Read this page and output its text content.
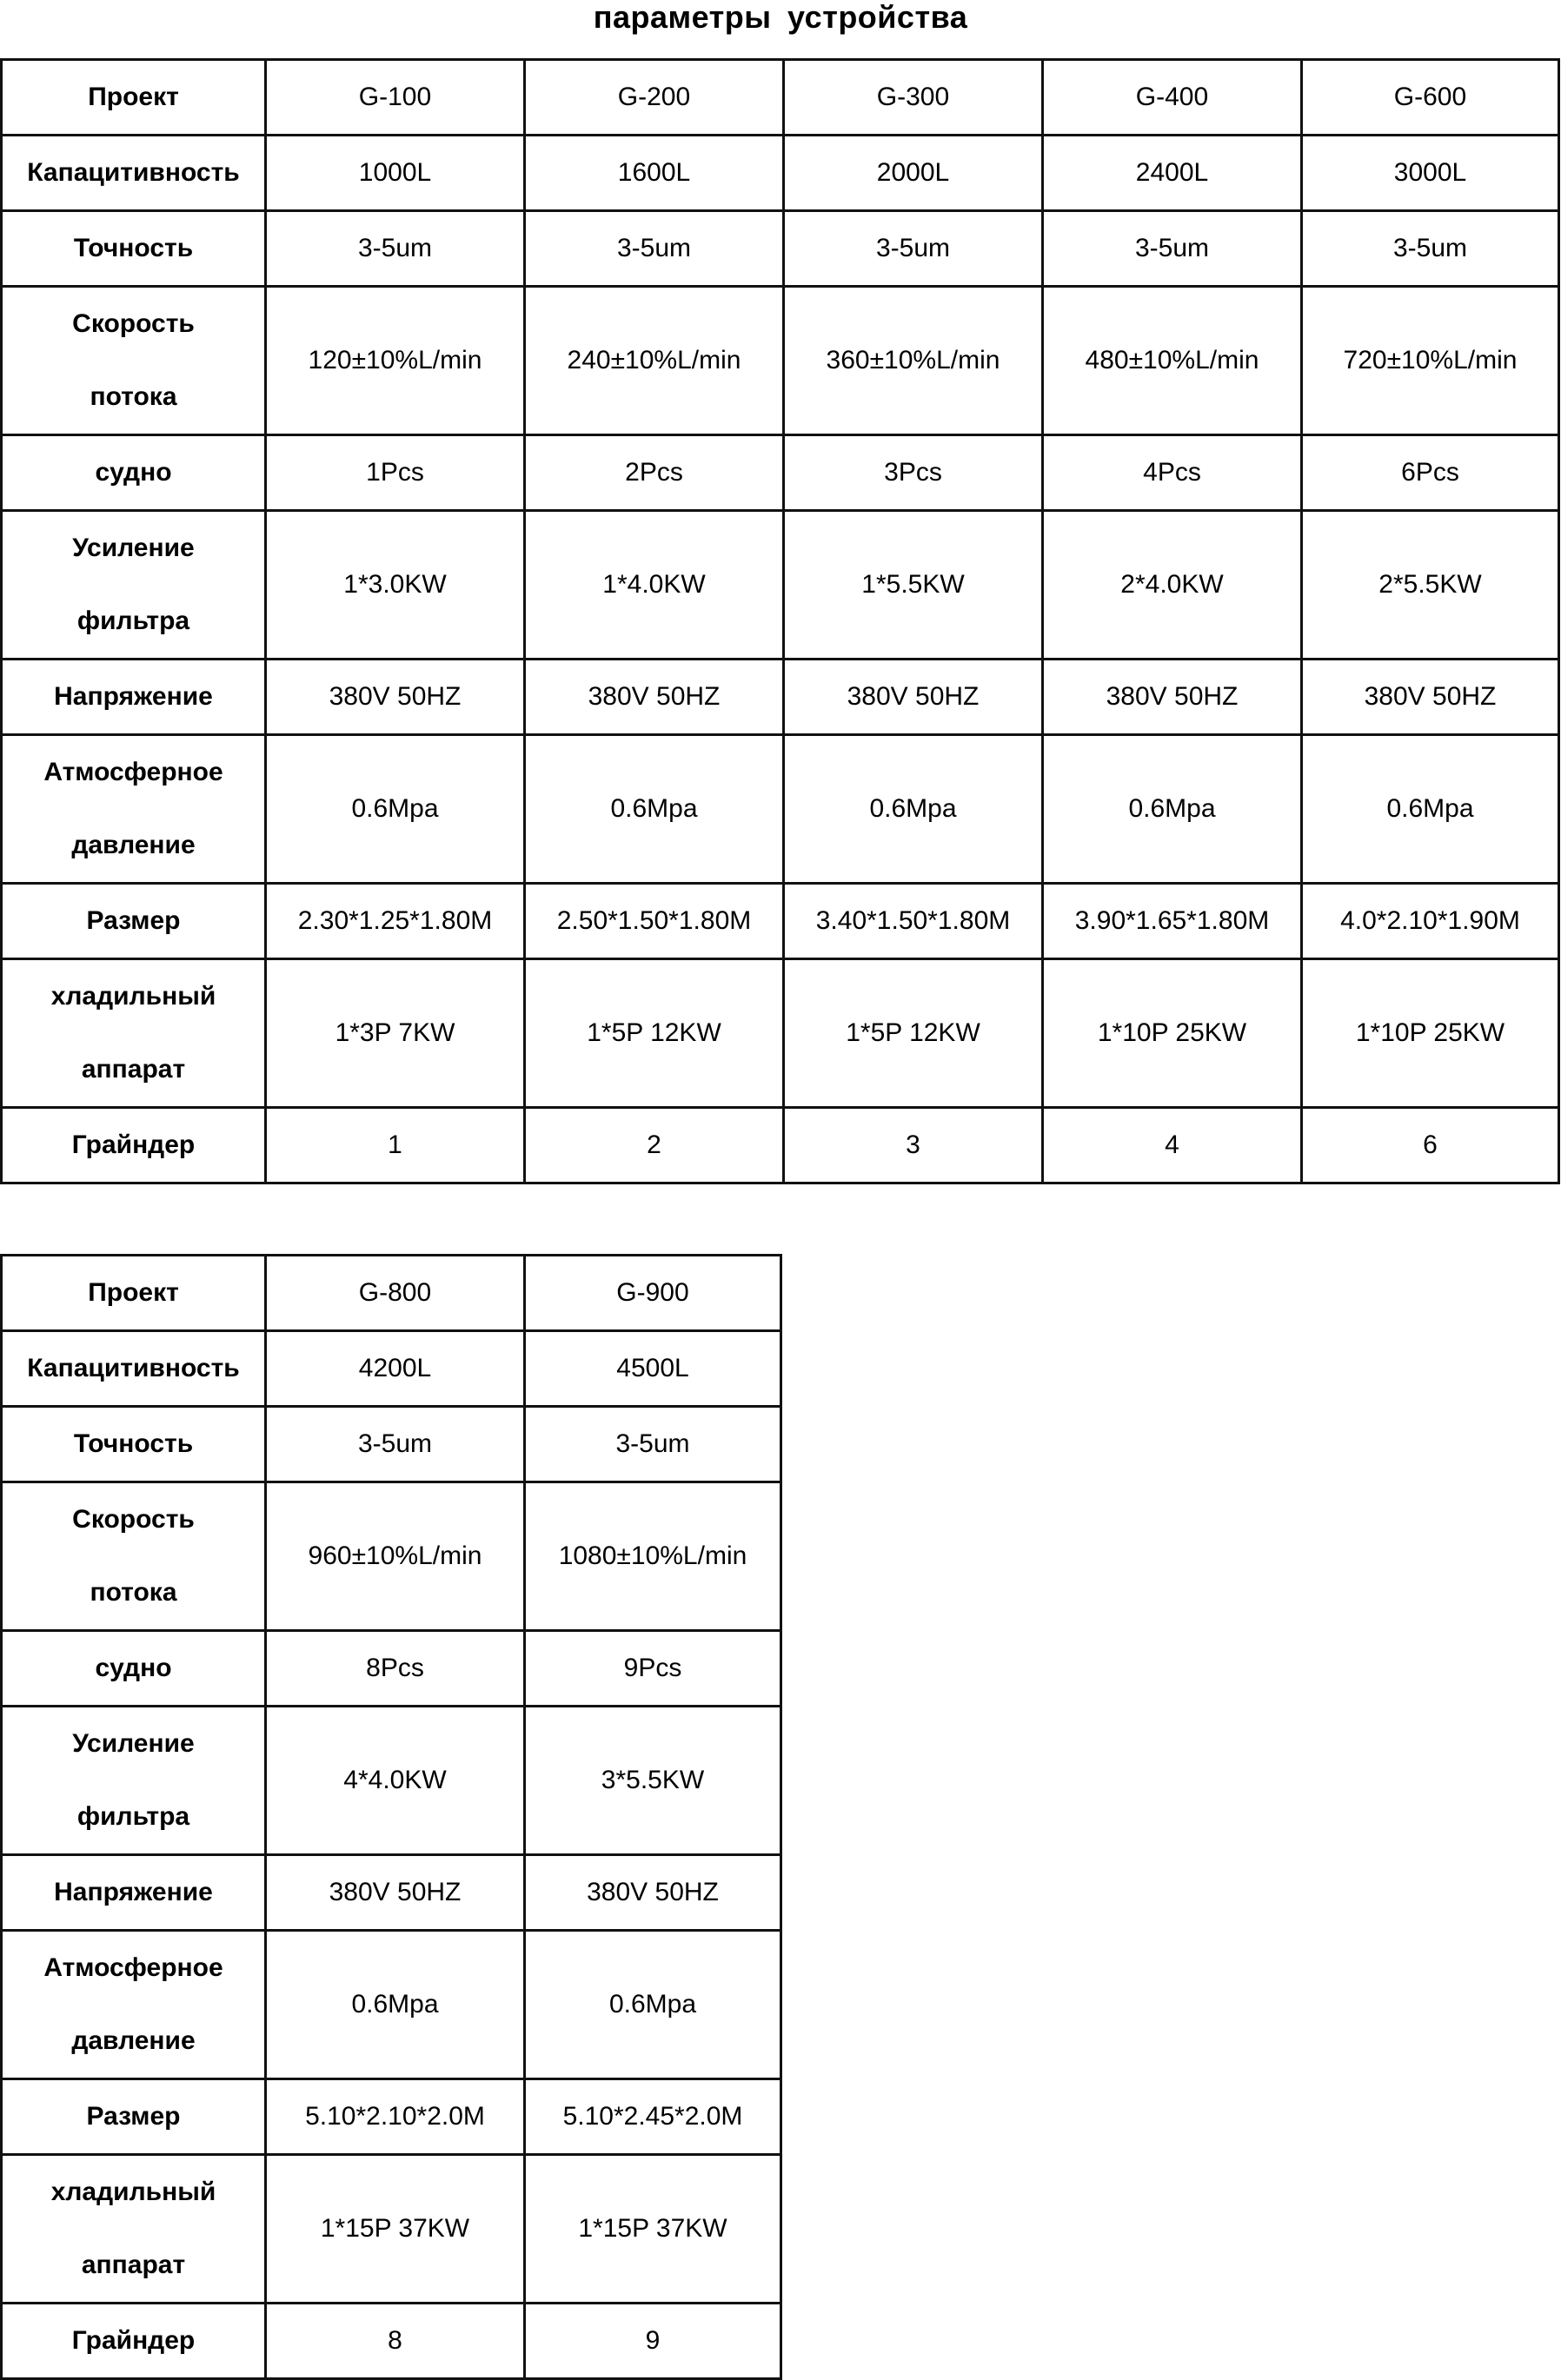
параметры устройства
Проект	G-100	G-200	G-300	G-400	G-600

Капацитивность	1000L	1600L	2000L	2400L	3000L

Точность	3-5um	3-5um	3-5um	3-5um	3-5um

Скорость
потока	120±10%L/min	240±10%L/min	360±10%L/min	480±10%L/min	720±10%L/min

судно	1Pcs	2Pcs	3Pcs	4Pcs	6Pcs

Усиление
фильтра	1*3.0KW	1*4.0KW	1*5.5KW	2*4.0KW	2*5.5KW

Напряжение	380V 50HZ	380V 50HZ	380V 50HZ	380V 50HZ	380V 50HZ

Атмосферное
давление	0.6Mpa	0.6Mpa	0.6Mpa	0.6Mpa	0.6Mpa

Размер	2.30*1.25*1.80M	2.50*1.50*1.80M	3.40*1.50*1.80M	3.90*1.65*1.80M	4.0*2.10*1.90M

хладильный
аппарат	1*3P 7KW	1*5P 12KW	1*5P 12KW	1*10P 25KW	1*10P 25KW

Грайндер	1	2	3	4	6
Проект	G-800	G-900

Капацитивность	4200L	4500L

Точность	3-5um	3-5um

Скорость
потока	960±10%L/min	1080±10%L/min

судно	8Pcs	9Pcs

Усиление
фильтра	4*4.0KW	3*5.5KW

Напряжение	380V 50HZ	380V 50HZ

Атмосферное
давление	0.6Mpa	0.6Mpa

Размер	5.10*2.10*2.0M	5.10*2.45*2.0M

хладильный
аппарат	1*15P 37KW	1*15P 37KW

Грайндер	8	9
